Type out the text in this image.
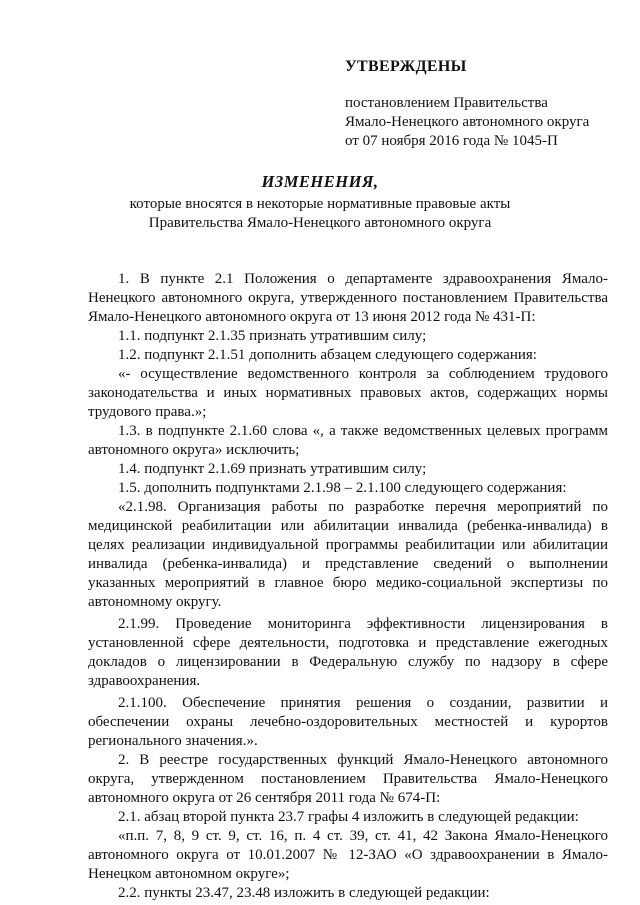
УТВЕРЖДЕНЫ
постановлением Правительства
Ямало-Ненецкого автономного округа
от 07 ноября 2016 года № 1045-П
ИЗМЕНЕНИЯ,
которые вносятся в некоторые нормативные правовые акты
Правительства Ямало-Ненецкого автономного округа

1. В пункте 2.1 Положения о департаменте здравоохранения Ямало-Ненецкого автономного округа, утвержденного постановлением Правительства Ямало-Ненецкого автономного округа от 13 июня 2012 года № 431-П:

1.1. подпункт 2.1.35 признать утратившим силу;

1.2. подпункт 2.1.51 дополнить абзацем следующего содержания:

«- осуществление ведомственного контроля за соблюдением трудового законодательства и иных нормативных правовых актов, содержащих нормы трудового права.»;

1.3. в подпункте 2.1.60 слова «, а также ведомственных целевых программ автономного округа» исключить;

1.4. подпункт 2.1.69 признать утратившим силу;

1.5. дополнить подпунктами 2.1.98 – 2.1.100 следующего содержания:

«2.1.98. Организация работы по разработке перечня мероприятий по медицинской реабилитации или абилитации инвалида (ребенка-инвалида) в целях реализации индивидуальной программы реабилитации или абилитации инвалида (ребенка-инвалида) и представление сведений о выполнении указанных мероприятий в главное бюро медико-социальной экспертизы по автономному округу.

2.1.99. Проведение мониторинга эффективности лицензирования в установленной сфере деятельности, подготовка и представление ежегодных докладов о лицензировании в Федеральную службу по надзору в сфере здравоохранения.

2.1.100. Обеспечение принятия решения о создании, развитии и обеспечении охраны лечебно-оздоровительных местностей и курортов регионального значения.».

2. В реестре государственных функций Ямало-Ненецкого автономного округа, утвержденном постановлением Правительства Ямало-Ненецкого автономного округа от 26 сентября 2011 года № 674-П:

2.1. абзац второй пункта 23.7 графы 4 изложить в следующей редакции:

«п.п. 7, 8, 9 ст. 9, ст. 16, п. 4 ст. 39, ст. 41, 42 Закона Ямало-Ненецкого автономного округа от 10.01.2007 № 12-ЗАО «О здравоохранении в Ямало-Ненецком автономном округе»;

2.2. пункты 23.47, 23.48 изложить в следующей редакции:
